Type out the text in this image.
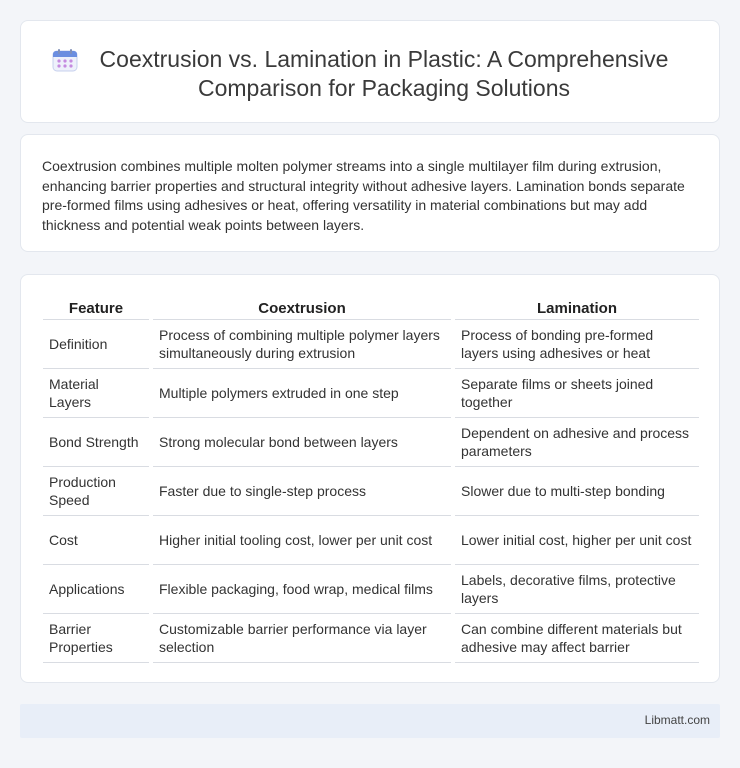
Coextrusion vs. Lamination in Plastic: A Comprehensive Comparison for Packaging Solutions

Coextrusion combines multiple molten polymer streams into a single multilayer film during extrusion, enhancing barrier properties and structural integrity without adhesive layers. Lamination bonds separate pre-formed films using adhesives or heat, offering versatility in material combinations but may add thickness and potential weak points between layers.

Feature	Coextrusion	Lamination
Definition	Process of combining multiple polymer layers simultaneously during extrusion	Process of bonding pre-formed layers using adhesives or heat
Material Layers	Multiple polymers extruded in one step	Separate films or sheets joined together
Bond Strength	Strong molecular bond between layers	Dependent on adhesive and process parameters
Production Speed	Faster due to single-step process	Slower due to multi-step bonding
Cost	Higher initial tooling cost, lower per unit cost	Lower initial cost, higher per unit cost
Applications	Flexible packaging, food wrap, medical films	Labels, decorative films, protective layers
Barrier Properties	Customizable barrier performance via layer selection	Can combine different materials but adhesive may affect barrier
Libmatt.com
